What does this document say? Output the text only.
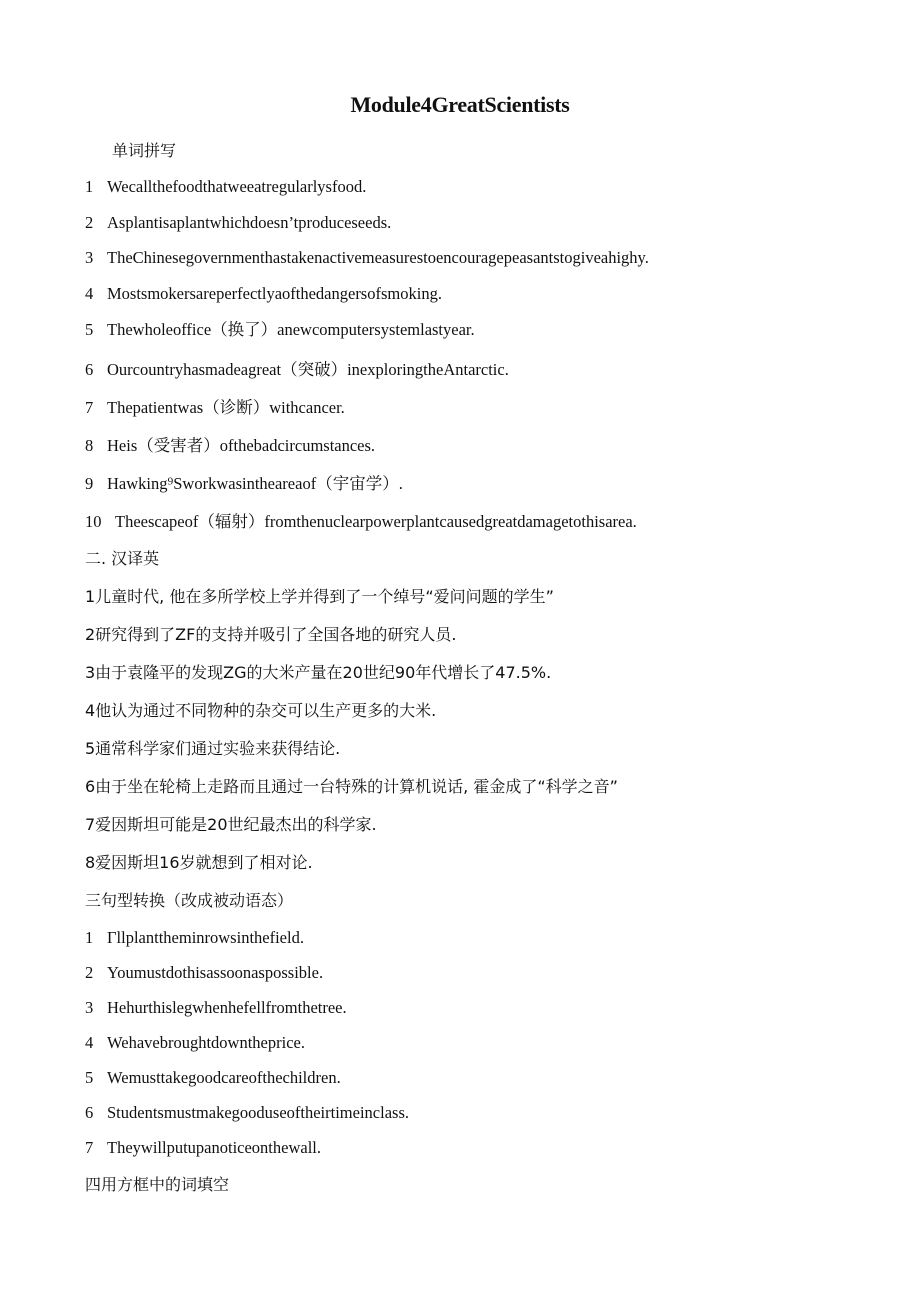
Module4GreatScientists
单词拼写
1 Wecallthefoodthatweeatregularlysfood.
2 Asplantisaplantwhichdoesn’tproduceseeds.
3 TheChinesegovernmenthastakenactivemeasurestoencouragepeasantstogiveahighy.
4 Mostsmokersareperfectlyaofthedangersofsmoking.
5 Thewholeoffice（换了）anewcomputersystemlastyear.
6 Ourcountryhasmadeagreat（突破）inexploringtheAntarctic.
7 Thepatientwas（诊断）withcancer.
8 Heis（受害者）ofthebadcircumstances.
9 Hawking⁹Sworkwasintheareaof（宇宙学）.
10 Theescapeof（辐射）fromthenuclearpowerplantcausedgreatdamagetothisarea.
二. 汉译英
1儿童时代, 他在多所学校上学并得到了一个绰号“爱问问题的学生”
2研究得到了ZF的支持并吸引了全国各地的研究人员.
3由于袁隆平的发现ZG的大米产量在20世纪90年代增长了47.5%.
4他认为通过不同物种的杂交可以生产更多的大米.
5通常科学家们通过实验来获得结论.
6由于坐在轮椅上走路而且通过一台特殊的计算机说话, 霍金成了“科学之音”
7爱因斯坦可能是20世纪最杰出的科学家.
8爱因斯坦16岁就想到了相对论.
三句型转换（改成被动语态）
1 Γllplanttheminrowsinthefield.
2 Youmustdothisassoonaspossible.
3 Hehurthislegwhenhefellfromthetree.
4 Wehavebroughtdowntheprice.
5 Wemusttakegoodcareofthechildren.
6 Studentsmustmakegooduseoftheirtimeinclass.
7 Theywillputupanoticeonthewall.
四用方框中的词填空
